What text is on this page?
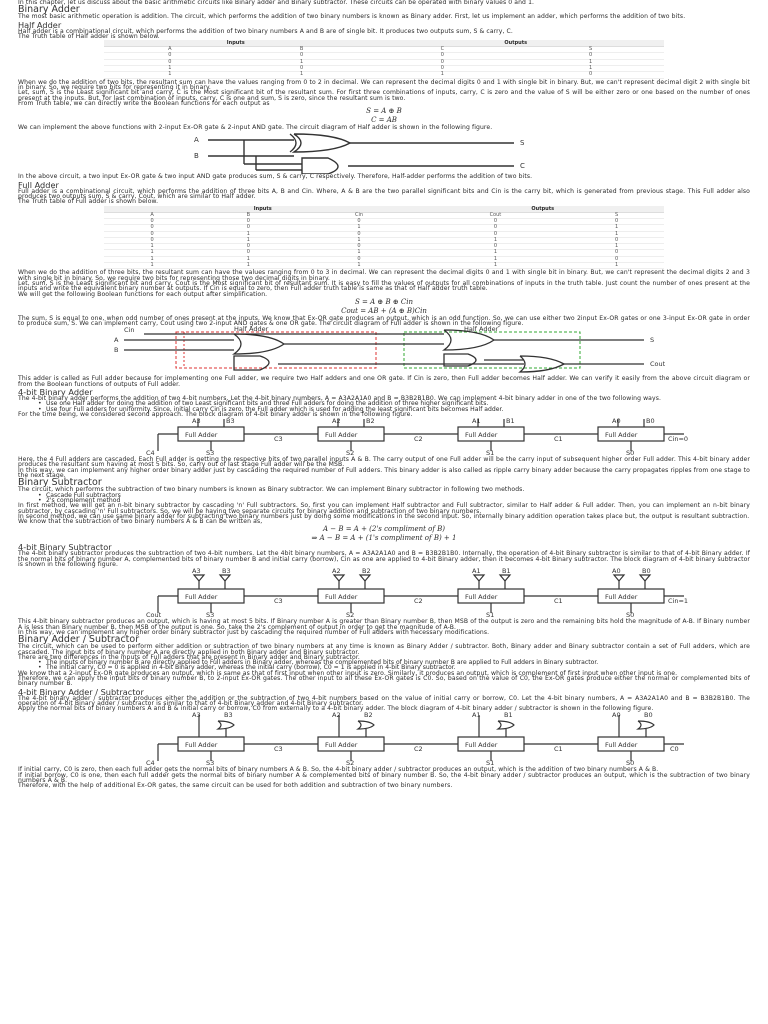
In this chapter, let us discuss about the basic arithmetic circuits like Binary adder and Binary subtractor. These circuits can be operated with binary values 0 and 1.

Binary Adder

The most basic arithmetic operation is addition. The circuit, which performs the addition of two binary numbers is known as Binary adder. First, let us implement an adder, which performs the addition of two bits.

Half Adder

Half adder is a combinational circuit, which performs the addition of two binary numbers A and B are of single bit. It produces two outputs sum, S & carry, C.

The Truth table of Half adder is shown below.

Inputs		Outputs	
A	B	C	S
0	0	0	0
0	1	0	1
1	0	0	1
1	1	1	0

When we do the addition of two bits, the resultant sum can have the values ranging from 0 to 2 in decimal. We can represent the decimal digits 0 and 1 with single bit in binary. But, we can't represent decimal digit 2 with single bit in binary. So, we require two bits for representing it in binary.

Let, sum, S is the Least significant bit and carry, C is the Most significant bit of the resultant sum. For first three combinations of inputs, carry, C is zero and the value of S will be either zero or one based on the number of ones present at the inputs. But, for last combination of inputs, carry, C is one and sum, S is zero, since the resultant sum is two.

From Truth table, we can directly write the Boolean functions for each output as

S = A ⊕ B
C = AB

We can implement the above functions with 2-input Ex-OR gate & 2-input AND gate. The circuit diagram of Half adder is shown in the following figure.

A
B
S
C

In the above circuit, a two input Ex-OR gate & two input AND gate produces sum, S & carry, C respectively. Therefore, Half-adder performs the addition of two bits.

Full Adder

Full adder is a combinational circuit, which performs the addition of three bits A, B and Cin. Where, A & B are the two parallel significant bits and Cin is the carry bit, which is generated from previous stage. This Full adder also produces two outputs sum, S & carry, Cout, which are similar to Half adder.

The Truth table of Full adder is shown below.

Inputs			Outputs	
A	B	Cin	Cout	S
0	0	0	0	0
0	0	1	0	1
0	1	0	0	1
0	1	1	1	0
1	0	0	0	1
1	0	1	1	0
1	1	0	1	0
1	1	1	1	1

When we do the addition of three bits, the resultant sum can have the values ranging from 0 to 3 in decimal. We can represent the decimal digits 0 and 1 with single bit in binary. But, we can't represent the decimal digits 2 and 3 with single bit in binary. So, we require two bits for representing those two decimal digits in binary.

Let, sum, S is the Least significant bit and carry, Cout is the Most significant bit of resultant sum. It is easy to fill the values of outputs for all combinations of inputs in the truth table. Just count the number of ones present at the inputs and write the equivalent binary number at outputs. If Cin is equal to zero, then Full adder truth table is same as that of Half adder truth table.

We will get the following Boolean functions for each output after simplification.

S = A ⊕ B ⊕ Cin
Cout = AB + (A ⊕ B)Cin

The sum, S is equal to one, when odd number of ones present at the inputs. We know that Ex-OR gate produces an output, which is an odd function. So, we can use either two 2input Ex-OR gates or one 3-input Ex-OR gate in order to produce sum, S. We can implement carry, Cout using two 2-input AND gates & one OR gate. The circuit diagram of Full adder is shown in the following figure.

Half Adder	Half Adder
A
B
Cin
S
Cout

This adder is called as Full adder because for implementing one Full adder, we require two Half adders and one OR gate. If Cin is zero, then Full adder becomes Half adder. We can verify it easily from the above circuit diagram or from the Boolean functions of outputs of Full adder.

4-bit Binary Adder

The 4-bit binary adder performs the addition of two 4-bit numbers. Let the 4-bit binary numbers, A = A3A2A1A0 and B = B3B2B1B0. We can implement 4-bit binary adder in one of the two following ways.

• Use one Half adder for doing the addition of two Least significant bits and three Full adders for doing the addition of three higher significant bits.
• Use four Full adders for uniformity. Since, initial carry Cin is zero, the Full adder which is used for adding the least significant bits becomes Half adder.

For the time being, we considered second approach. The block diagram of 4-bit binary adder is shown in the following figure.

Full Adder	Full Adder	Full Adder	Full Adder
A3	B3	A2	B2	A1	B1	A0	B0
C3	C2	C1	Cin=0
C4	S3	S2	S1	S0

Here, the 4 Full adders are cascaded. Each Full adder is getting the respective bits of two parallel inputs A & B. The carry output of one Full adder will be the carry input of subsequent higher order Full adder. This 4-bit binary adder produces the resultant sum having at most 5 bits. So, carry out of last stage Full adder will be the MSB.

In this way, we can implement any higher order binary adder just by cascading the required number of Full adders. This binary adder is also called as ripple carry binary adder because the carry propagates ripples from one stage to the next stage.

Binary Subtractor

The circuit, which performs the subtraction of two binary numbers is known as Binary subtractor. We can implement Binary subtractor in following two methods.

• Cascade Full subtractors
• 2's complement method

In first method, we will get an n-bit binary subtractor by cascading 'n' Full subtractors. So, first you can implement Half subtractor and Full subtractor, similar to Half adder & Full adder. Then, you can implement an n-bit binary subtractor, by cascading 'n' Full subtractors. So, we will be having two separate circuits for binary addition and subtraction of two binary numbers.

In second method, we can use same binary adder for subtracting two binary numbers just by doing some modifications in the second input. So, internally binary addition operation takes place but, the output is resultant subtraction.

We know that the subtraction of two binary numbers A & B can be written as,

A − B = A + (2's compliment of B)
⇒ A − B = A + (1's compliment of B) + 1
4-bit Binary Subtractor

The 4-bit binary subtractor produces the subtraction of two 4-bit numbers. Let the 4bit binary numbers, A = A3A2A1A0 and B = B3B2B1B0. Internally, the operation of 4-bit Binary subtractor is similar to that of 4-bit Binary adder. If the normal bits of binary number A, complemented bits of binary number B and initial carry (borrow), Cin as one are applied to 4-bit Binary adder, then it becomes 4-bit Binary subtractor. The block diagram of 4-bit binary subtractor is shown in the following figure.

Full Adder	Full Adder	Full Adder	Full Adder
A3	B3	A2	B2	A1	B1	A0	B0
C3	C2	C1	Cin=1
Cout	S3	S2	S1	S0

This 4-bit binary subtractor produces an output, which is having at most 5 bits. If Binary number A is greater than Binary number B, then MSB of the output is zero and the remaining bits hold the magnitude of A-B. If Binary number A is less than Binary number B, then MSB of the output is one. So, take the 2's complement of output in order to get the magnitude of A-B.

In this way, we can implement any higher order binary subtractor just by cascading the required number of Full adders with necessary modifications.

Binary Adder / Subtractor

The circuit, which can be used to perform either addition or subtraction of two binary numbers at any time is known as Binary Adder / subtractor. Both, Binary adder and Binary subtractor contain a set of Full adders, which are cascaded. The input bits of binary number A are directly applied in both Binary adder and Binary subtractor.

There are two differences in the inputs of Full adders that are present in Binary adder and Binary subtractor.

• The inputs of binary number B are directly applied to Full adders in Binary adder, whereas the complemented bits of binary number B are applied to Full adders in Binary subtractor.
• The initial carry, C0 = 0 is applied in 4-bit Binary adder, whereas the initial carry (borrow), C0 = 1 is applied in 4-bit Binary subtractor.

We know that a 2-input Ex-OR gate produces an output, which is same as that of first input when other input is zero. Similarly, it produces an output, which is complement of first input when other input is one.

Therefore, we can apply the input bits of binary number B, to 2-input Ex-OR gates. The other input to all these Ex-OR gates is C0. So, based on the value of C0, the Ex-OR gates produce either the normal or complemented bits of binary number B.

4-bit Binary Adder / Subtractor

The 4-bit binary adder / subtractor produces either the addition or the subtraction of two 4-bit numbers based on the value of initial carry or borrow, C0. Let the 4-bit binary numbers, A = A3A2A1A0 and B = B3B2B1B0. The operation of 4-bit Binary adder / subtractor is similar to that of 4-bit Binary adder and 4-bit Binary subtractor.

Apply the normal bits of binary numbers A and B & initial carry or borrow, C0 from externally to a 4-bit binary adder. The block diagram of 4-bit binary adder / subtractor is shown in the following figure.

Full Adder	Full Adder	Full Adder	Full Adder
A3	B3	A2	B2	A1	B1	A0	B0
C3	C2	C1	C0
C4	S3	S2	S1	S0

If initial carry, C0 is zero, then each full adder gets the normal bits of binary numbers A & B. So, the 4-bit binary adder / subtractor produces an output, which is the addition of two binary numbers A & B.

If initial borrow, C0 is one, then each full adder gets the normal bits of binary number A & complemented bits of binary number B. So, the 4-bit binary adder / subtractor produces an output, which is the subtraction of two binary numbers A & B.

Therefore, with the help of additional Ex-OR gates, the same circuit can be used for both addition and subtraction of two binary numbers.
